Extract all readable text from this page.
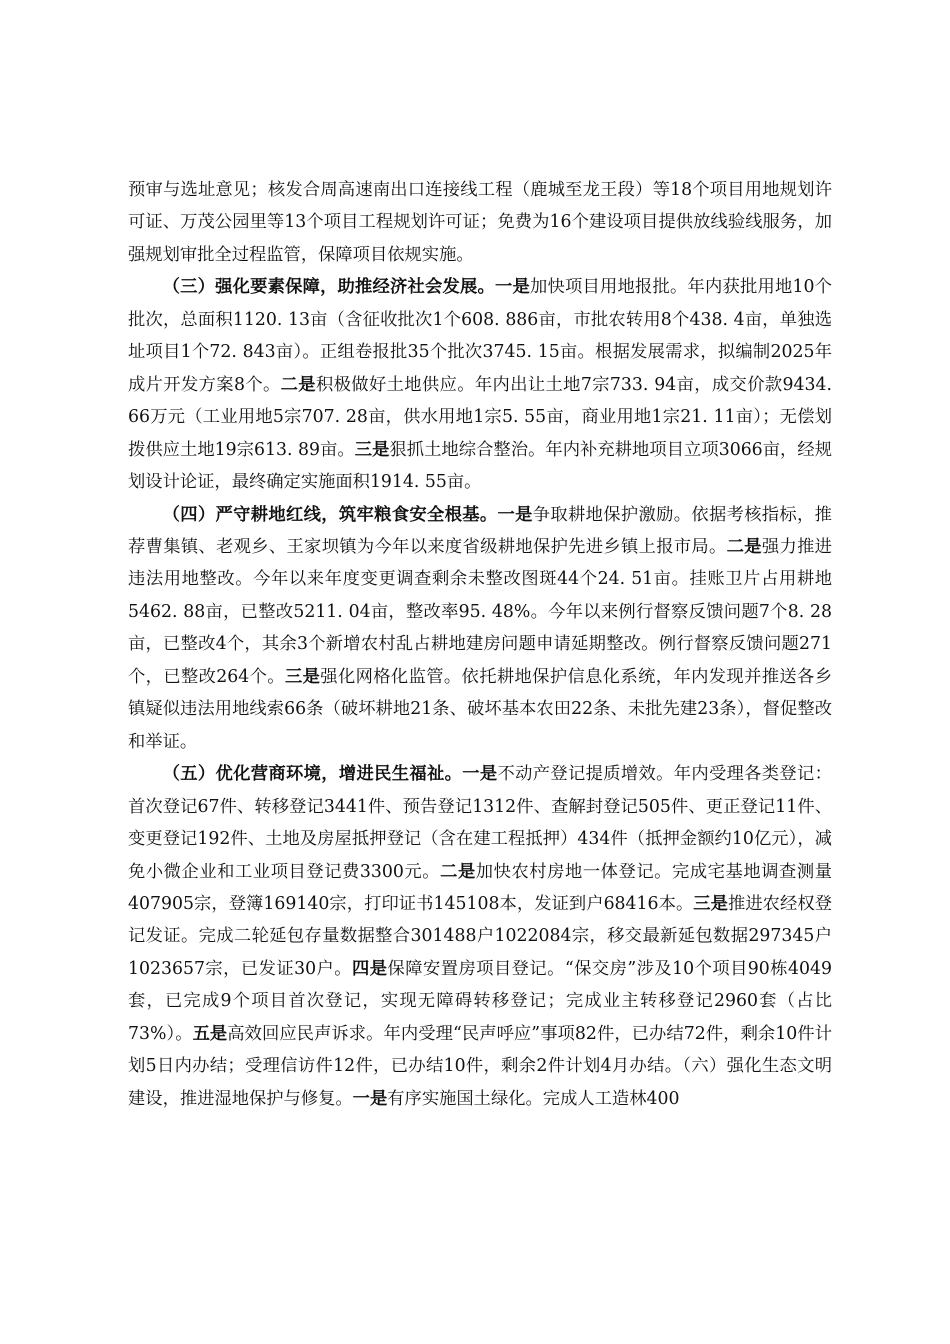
预审与选址意见；核发合周高速南出口连接线工程（鹿城至龙王段）等18个项目用地规划许可证、万茂公园里等13个项目工程规划许可证；免费为16个建设项目提供放线验线服务，加强规划审批全过程监管，保障项目依规实施。

（三）强化要素保障，助推经济社会发展。一是加快项目用地报批。年内获批用地10个批次，总面积1120. 13亩（含征收批次1个608. 886亩，市批农转用8个438. 4亩，单独选址项目1个72. 843亩）。正组卷报批35个批次3745. 15亩。根据发展需求，拟编制2025年成片开发方案8个。二是积极做好土地供应。年内出让土地7宗733. 94亩，成交价款9434. 66万元（工业用地5宗707. 28亩，供水用地1宗5. 55亩，商业用地1宗21. 11亩）；无偿划拨供应土地19宗613. 89亩。三是狠抓土地综合整治。年内补充耕地项目立项3066亩，经规划设计论证，最终确定实施面积1914. 55亩。

（四）严守耕地红线，筑牢粮食安全根基。一是争取耕地保护激励。依据考核指标，推荐曹集镇、老观乡、王家坝镇为今年以来度省级耕地保护先进乡镇上报市局。二是强力推进违法用地整改。今年以来年度变更调查剩余未整改图斑44个24. 51亩。挂账卫片占用耕地5462. 88亩，已整改5211. 04亩，整改率95. 48%。今年以来例行督察反馈问题7个8. 28亩，已整改4个，其余3个新增农村乱占耕地建房问题申请延期整改。例行督察反馈问题271个，已整改264个。三是强化网格化监管。依托耕地保护信息化系统，年内发现并推送各乡镇疑似违法用地线索66条（破坏耕地21条、破坏基本农田22条、未批先建23条），督促整改和举证。

（五）优化营商环境，增进民生福祉。一是不动产登记提质增效。年内受理各类登记：首次登记67件、转移登记3441件、预告登记1312件、查解封登记505件、更正登记11件、变更登记192件、土地及房屋抵押登记（含在建工程抵押）434件（抵押金额约10亿元），减免小微企业和工业项目登记费3300元。二是加快农村房地一体登记。完成宅基地调查测量407905宗，登簿169140宗，打印证书145108本，发证到户68416本。三是推进农经权登记发证。完成二轮延包存量数据整合301488户1022084宗，移交最新延包数据297345户1023657宗，已发证30户。四是保障安置房项目登记。“保交房”涉及10个项目90栋4049套，已完成9个项目首次登记，实现无障碍转移登记；完成业主转移登记2960套（占比73%）。五是高效回应民声诉求。年内受理“民声呼应”事项82件，已办结72件，剩余10件计划5日内办结；受理信访件12件，已办结10件，剩余2件计划4月办结。（六）强化生态文明建设，推进湿地保护与修复。一是有序实施国土绿化。完成人工造林400
